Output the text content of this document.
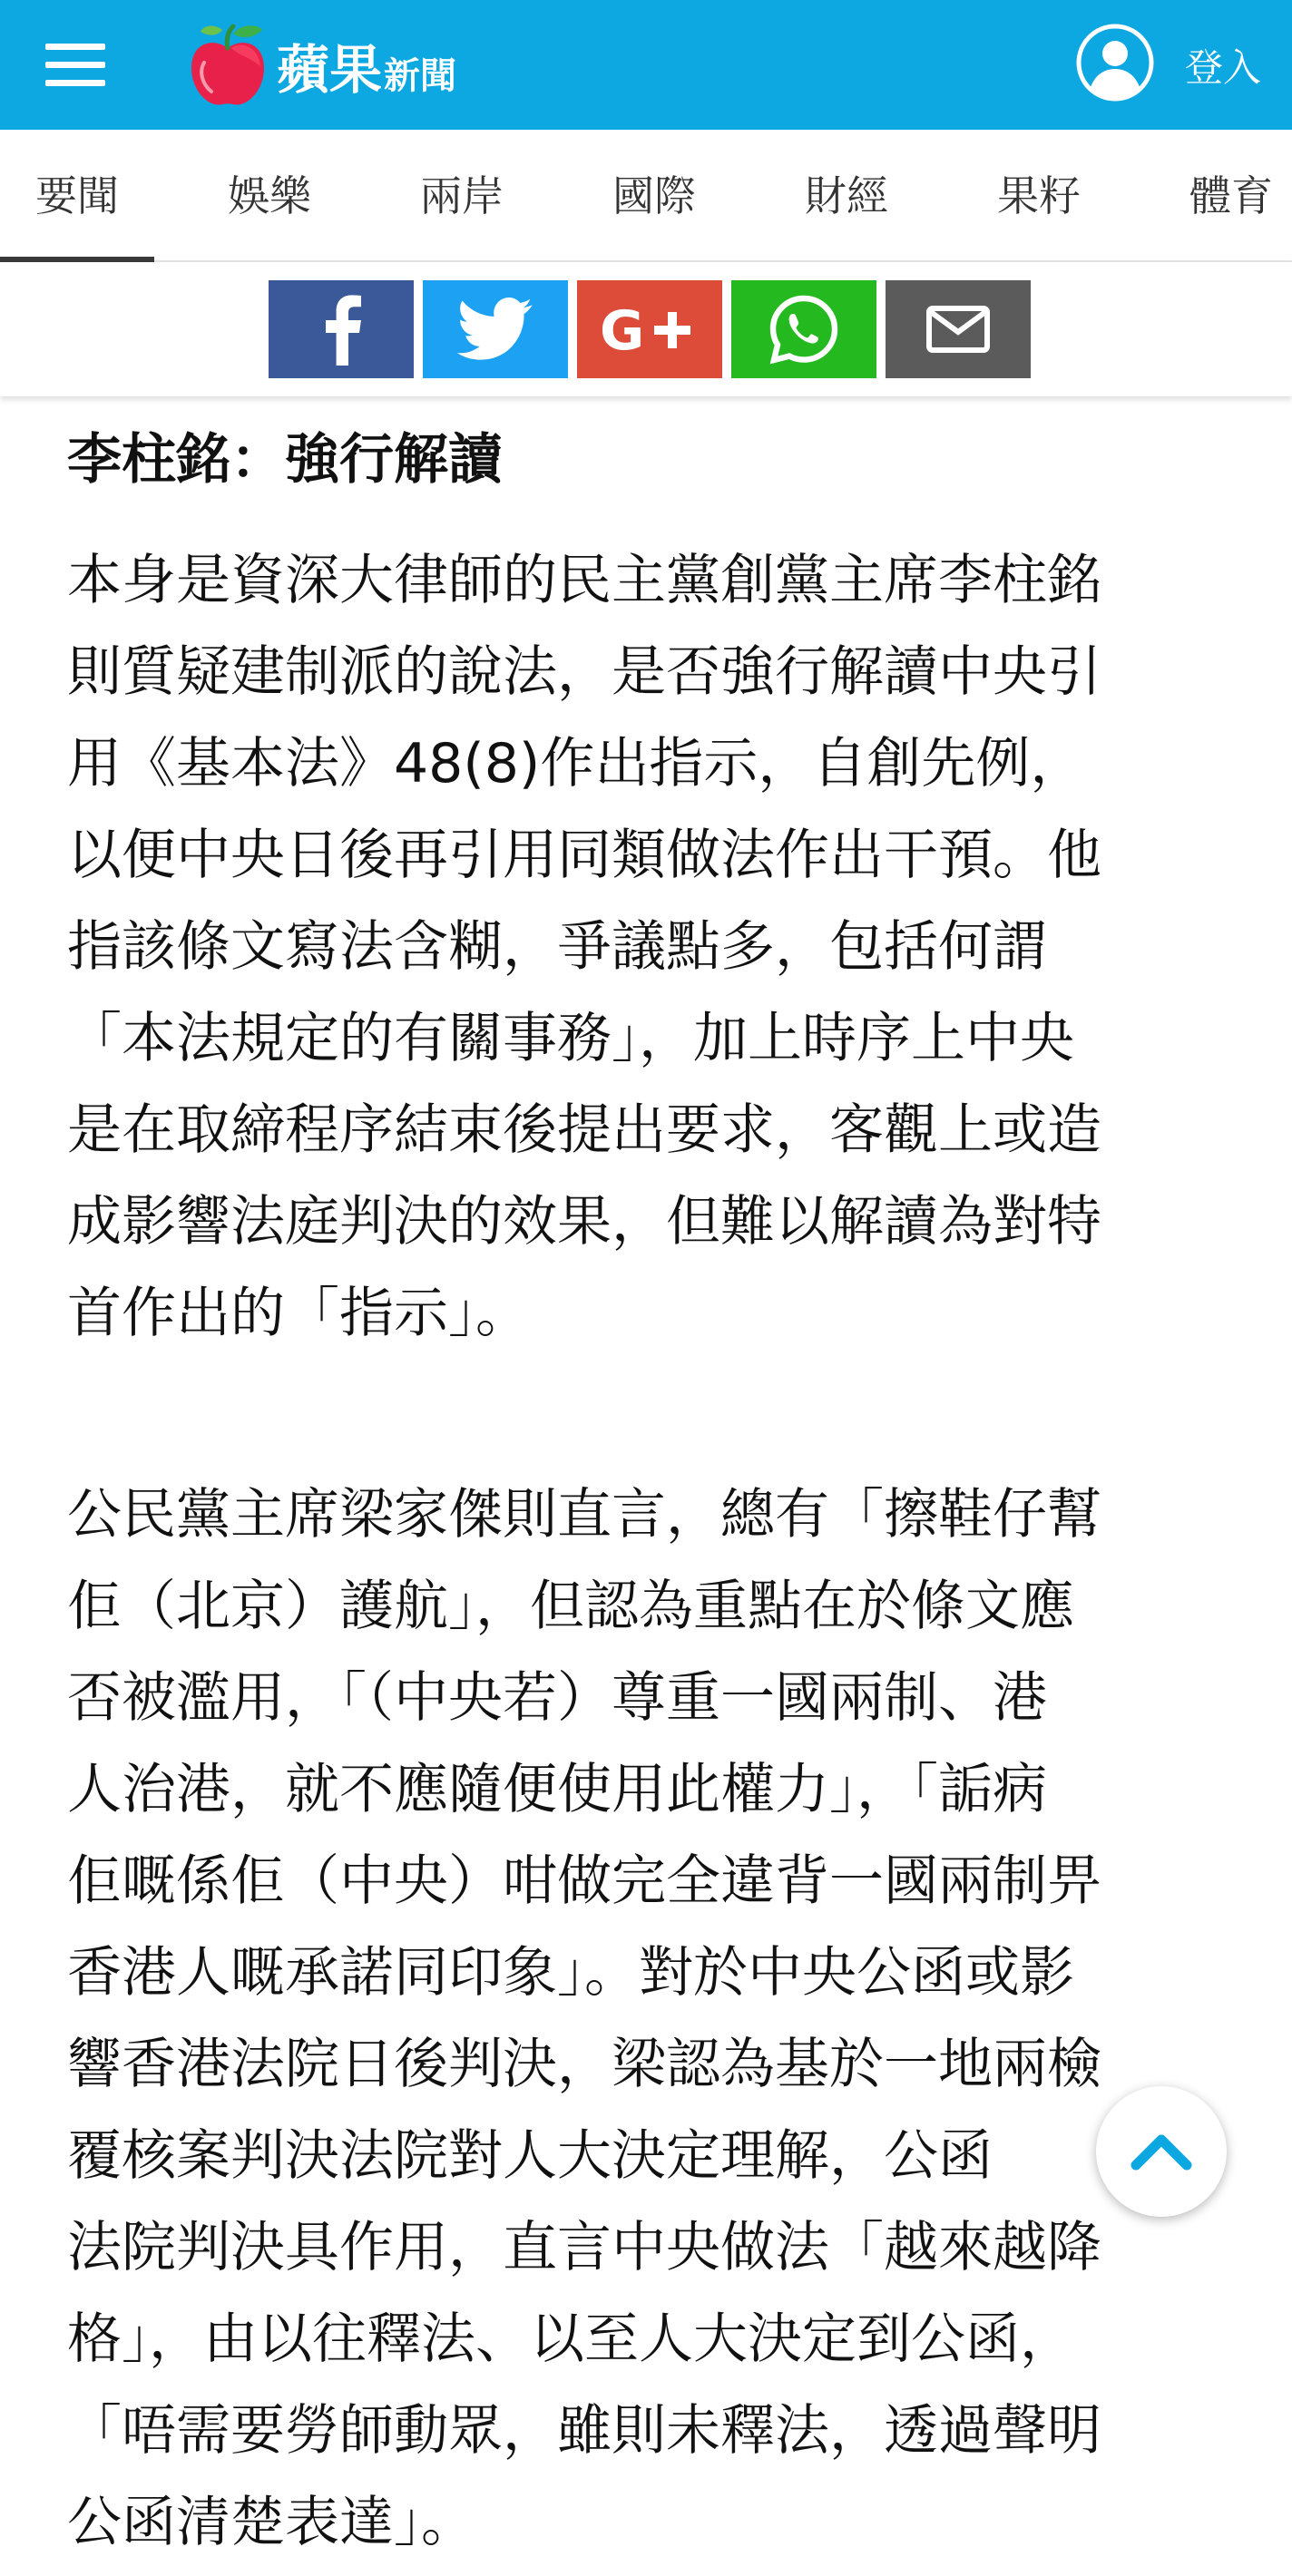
蘋果 新聞	登入
要聞	娛樂	兩岸	國際	財經	果籽	體育
G
李柱銘：強行解讀
本身是資深大律師的民主黨創黨主席李柱銘
則質疑建制派的說法，是否強行解讀中央引
用《基本法》48(8)作出指示，自創先例，
以便中央日後再引用同類做法作出干預。他
指該條文寫法含糊，爭議點多，包括何謂
「本法規定的有關事務」，加上時序上中央
是在取締程序結束後提出要求，客觀上或造
成影響法庭判決的效果，但難以解讀為對特
首作出的「指示」。
公民黨主席梁家傑則直言，總有「擦鞋仔幫
佢（北京）護航」，但認為重點在於條文應
否被濫用，「（中央若）尊重一國兩制、港
人治港，就不應隨便使用此權力」，「詬病
佢嘅係佢（中央）咁做完全違背一國兩制畀
香港人嘅承諾同印象」。對於中央公函或影
響香港法院日後判決，梁認為基於一地兩檢
覆核案判決法院對人大決定理解，公函
法院判決具作用，直言中央做法「越來越降
格」，由以往釋法、以至人大決定到公函，
「唔需要勞師動眾，雖則未釋法，透過聲明
公函清楚表達」。
